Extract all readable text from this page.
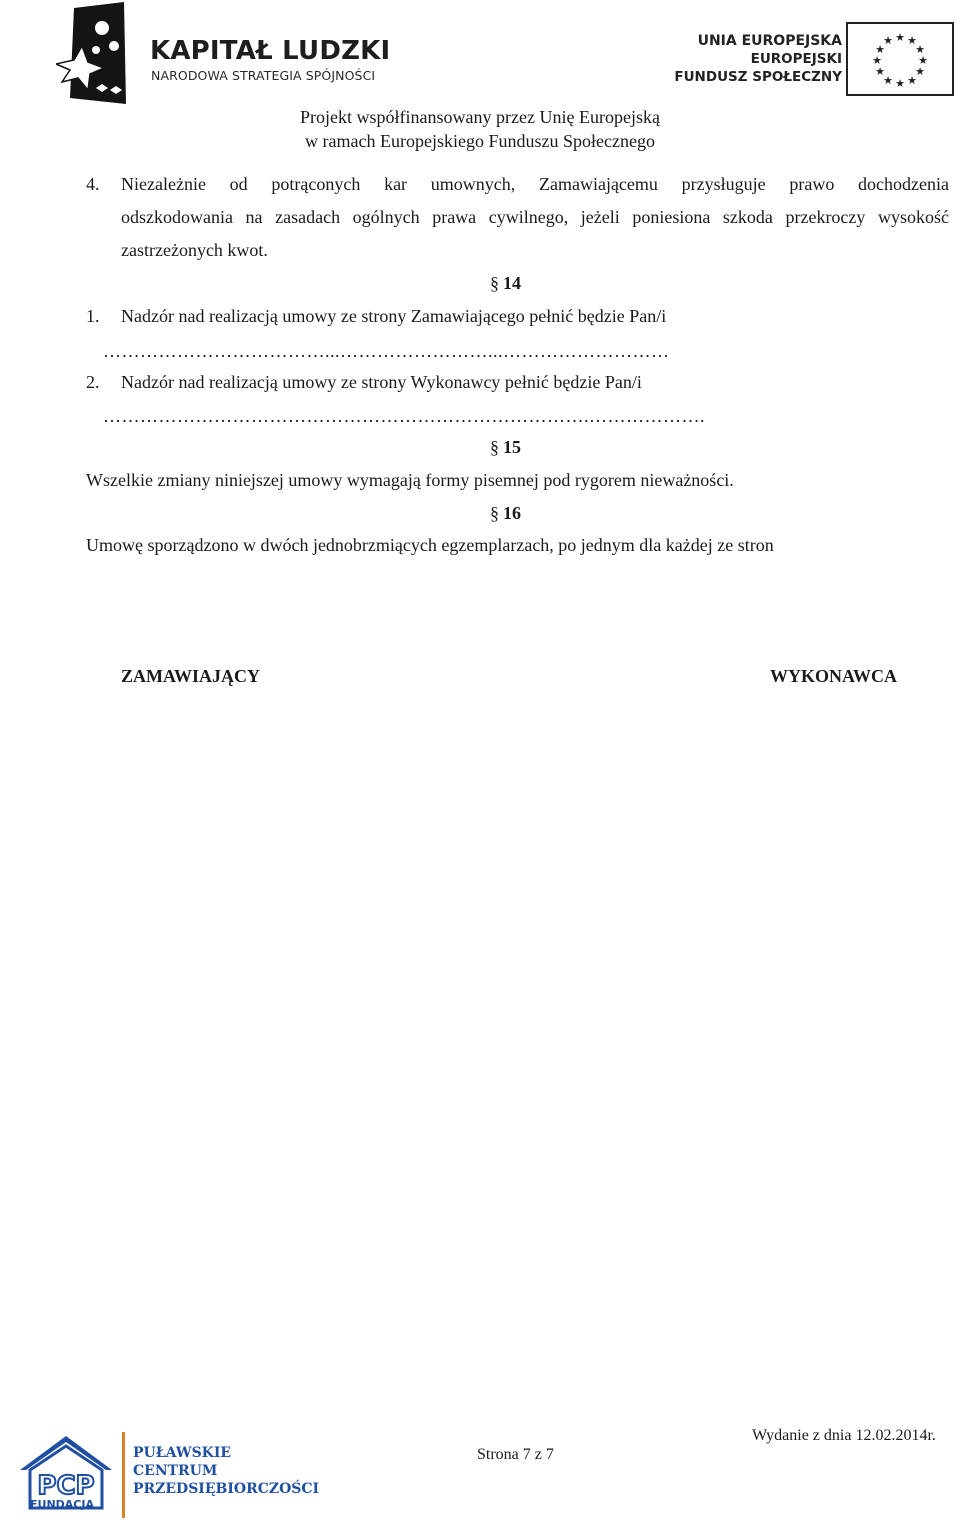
KAPITAŁ LUDZKI
NARODOWA STRATEGIA SPÓJNOŚCI
UNIA EUROPEJSKA
EUROPEJSKI
FUNDUSZ SPOŁECZNY
★ ★
★
★
★
★
★
★
★
★
★
★
Projekt współfinansowany przez Unię Europejską
w ramach Europejskiego Funduszu Społecznego
4. Niezależnie od potrąconych kar umownych, Zamawiającemu przysługuje prawo dochodzenia
odszkodowania na zasadach ogólnych prawa cywilnego, jeżeli poniesiona szkoda przekroczy wysokość
zastrzeżonych kwot.
§ 14
1. Nadzór nad realizacją umowy ze strony Zamawiającego pełnić będzie Pan/i
………………………………...……………………...………………………
2. Nadzór nad realizacją umowy ze strony Wykonawcy pełnić będzie Pan/i
…………………………………………………………………….……………….
§ 15
Wszelkie zmiany niniejszej umowy wymagają formy pisemnej pod rygorem nieważności.
§ 16
Umowę sporządzono w dwóch jednobrzmiących egzemplarzach, po jednym dla każdej ze stron
ZAMAWIAJĄCY	WYKONAWCA
PCP
FUNDACJA
PUŁAWSKIE
CENTRUM
PRZEDSIĘBIORCZOŚCI
Strona 7 z 7
Wydanie z dnia 12.02.2014r.
